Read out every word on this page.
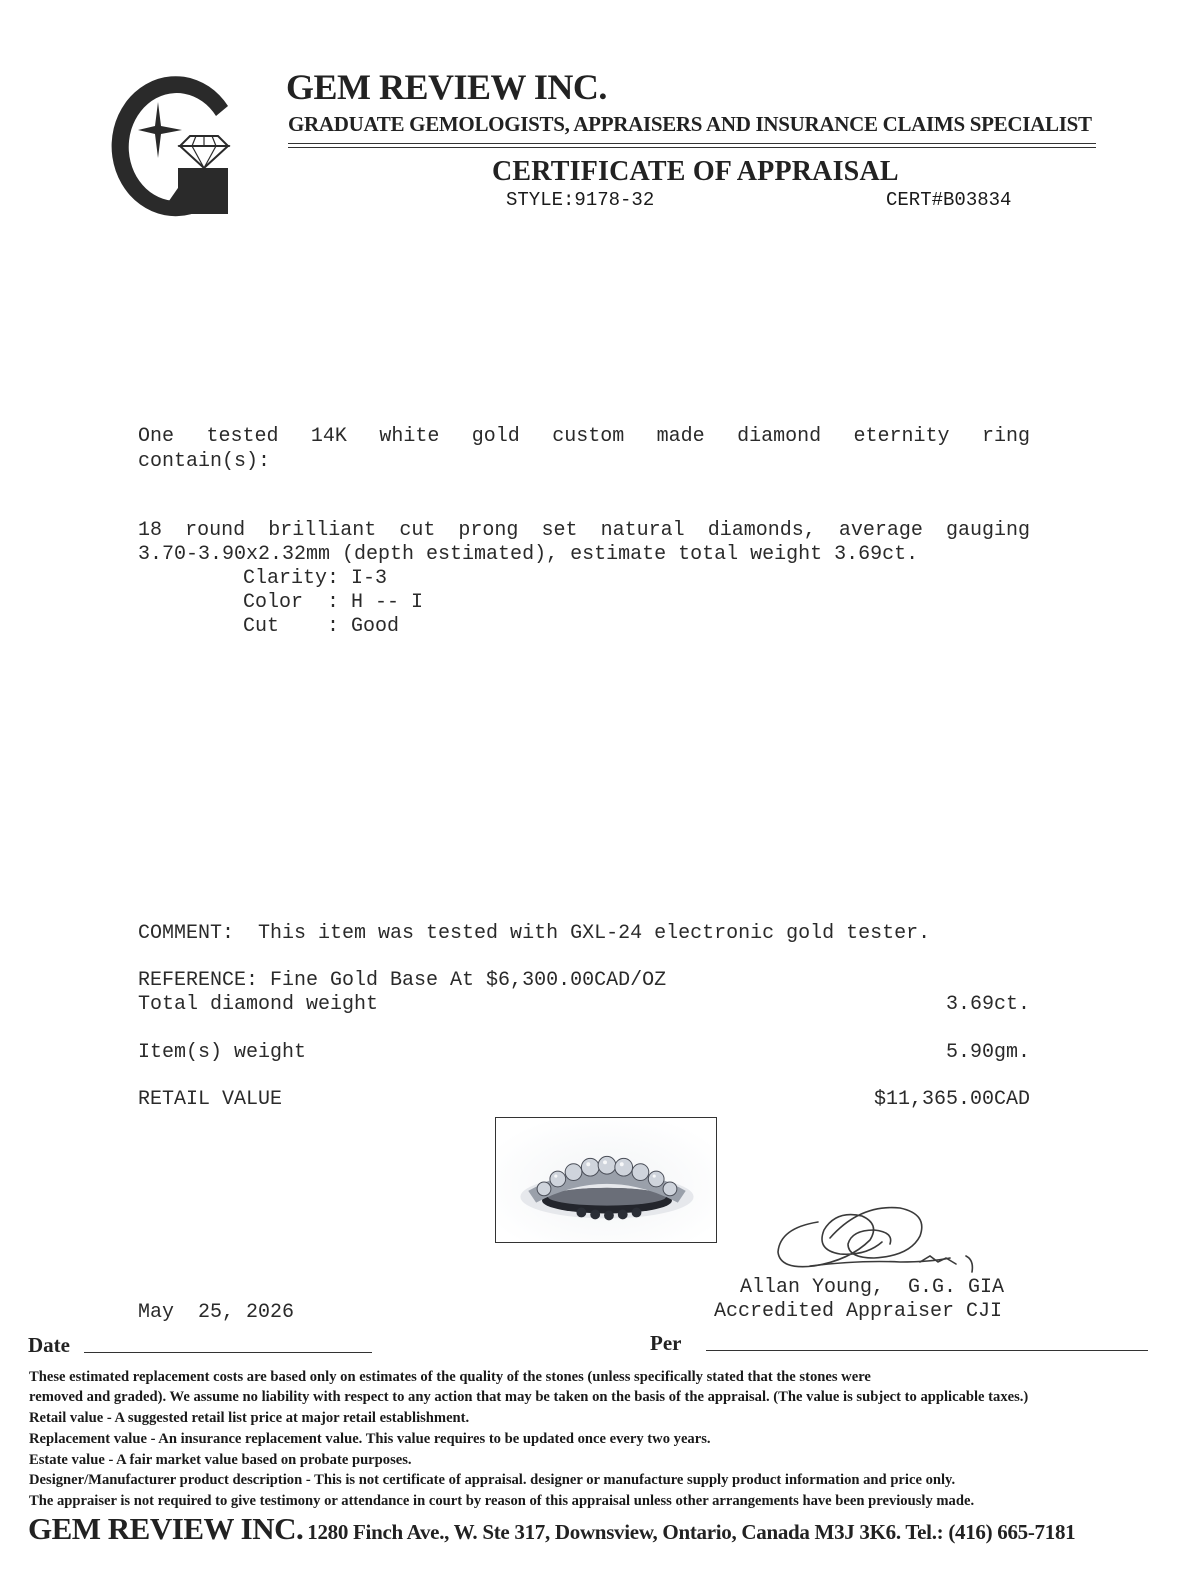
GEM REVIEW INC.
GRADUATE GEMOLOGISTS, APPRAISERS AND INSURANCE CLAIMS SPECIALIST
CERTIFICATE OF APPRAISAL
STYLE:9178-32	CERT#B03834
One tested 14K white gold custom made diamond eternity ring
contain(s):
18 round brilliant cut prong set natural diamonds, average gauging
3.70-3.90x2.32mm (depth estimated), estimate total weight 3.69ct.
Clarity: I-3
Color  : H -- I
Cut    : Good
COMMENT:  This item was tested with GXL-24 electronic gold tester.
REFERENCE: Fine Gold Base At $6,300.00CAD/OZ
Total diamond weight	3.69ct.
Item(s) weight	5.90gm.
RETAIL VALUE	$11,365.00CAD
Allan Young,  G.G. GIA
Accredited Appraiser CJI
May  25, 2026
Date	Per
These estimated replacement costs are based only on estimates of the quality of the stones (unless specifically stated that the stones were
removed and graded). We assume no liability with respect to any action that may be taken on the basis of the appraisal. (The value is subject to applicable taxes.)
Retail value - A suggested retail list price at major retail establishment.
Replacement value - An insurance replacement value. This value requires to be updated once every two years.
Estate value - A fair market value based on probate purposes.
Designer/Manufacturer product description - This is not certificate of appraisal. designer or manufacture supply product information and price only.
The appraiser is not required to give testimony or attendance in court by reason of this appraisal unless other arrangements have been previously made.
GEM REVIEW INC. 1280 Finch Ave., W. Ste 317, Downsview, Ontario, Canada M3J 3K6. Tel.: (416) 665-7181
